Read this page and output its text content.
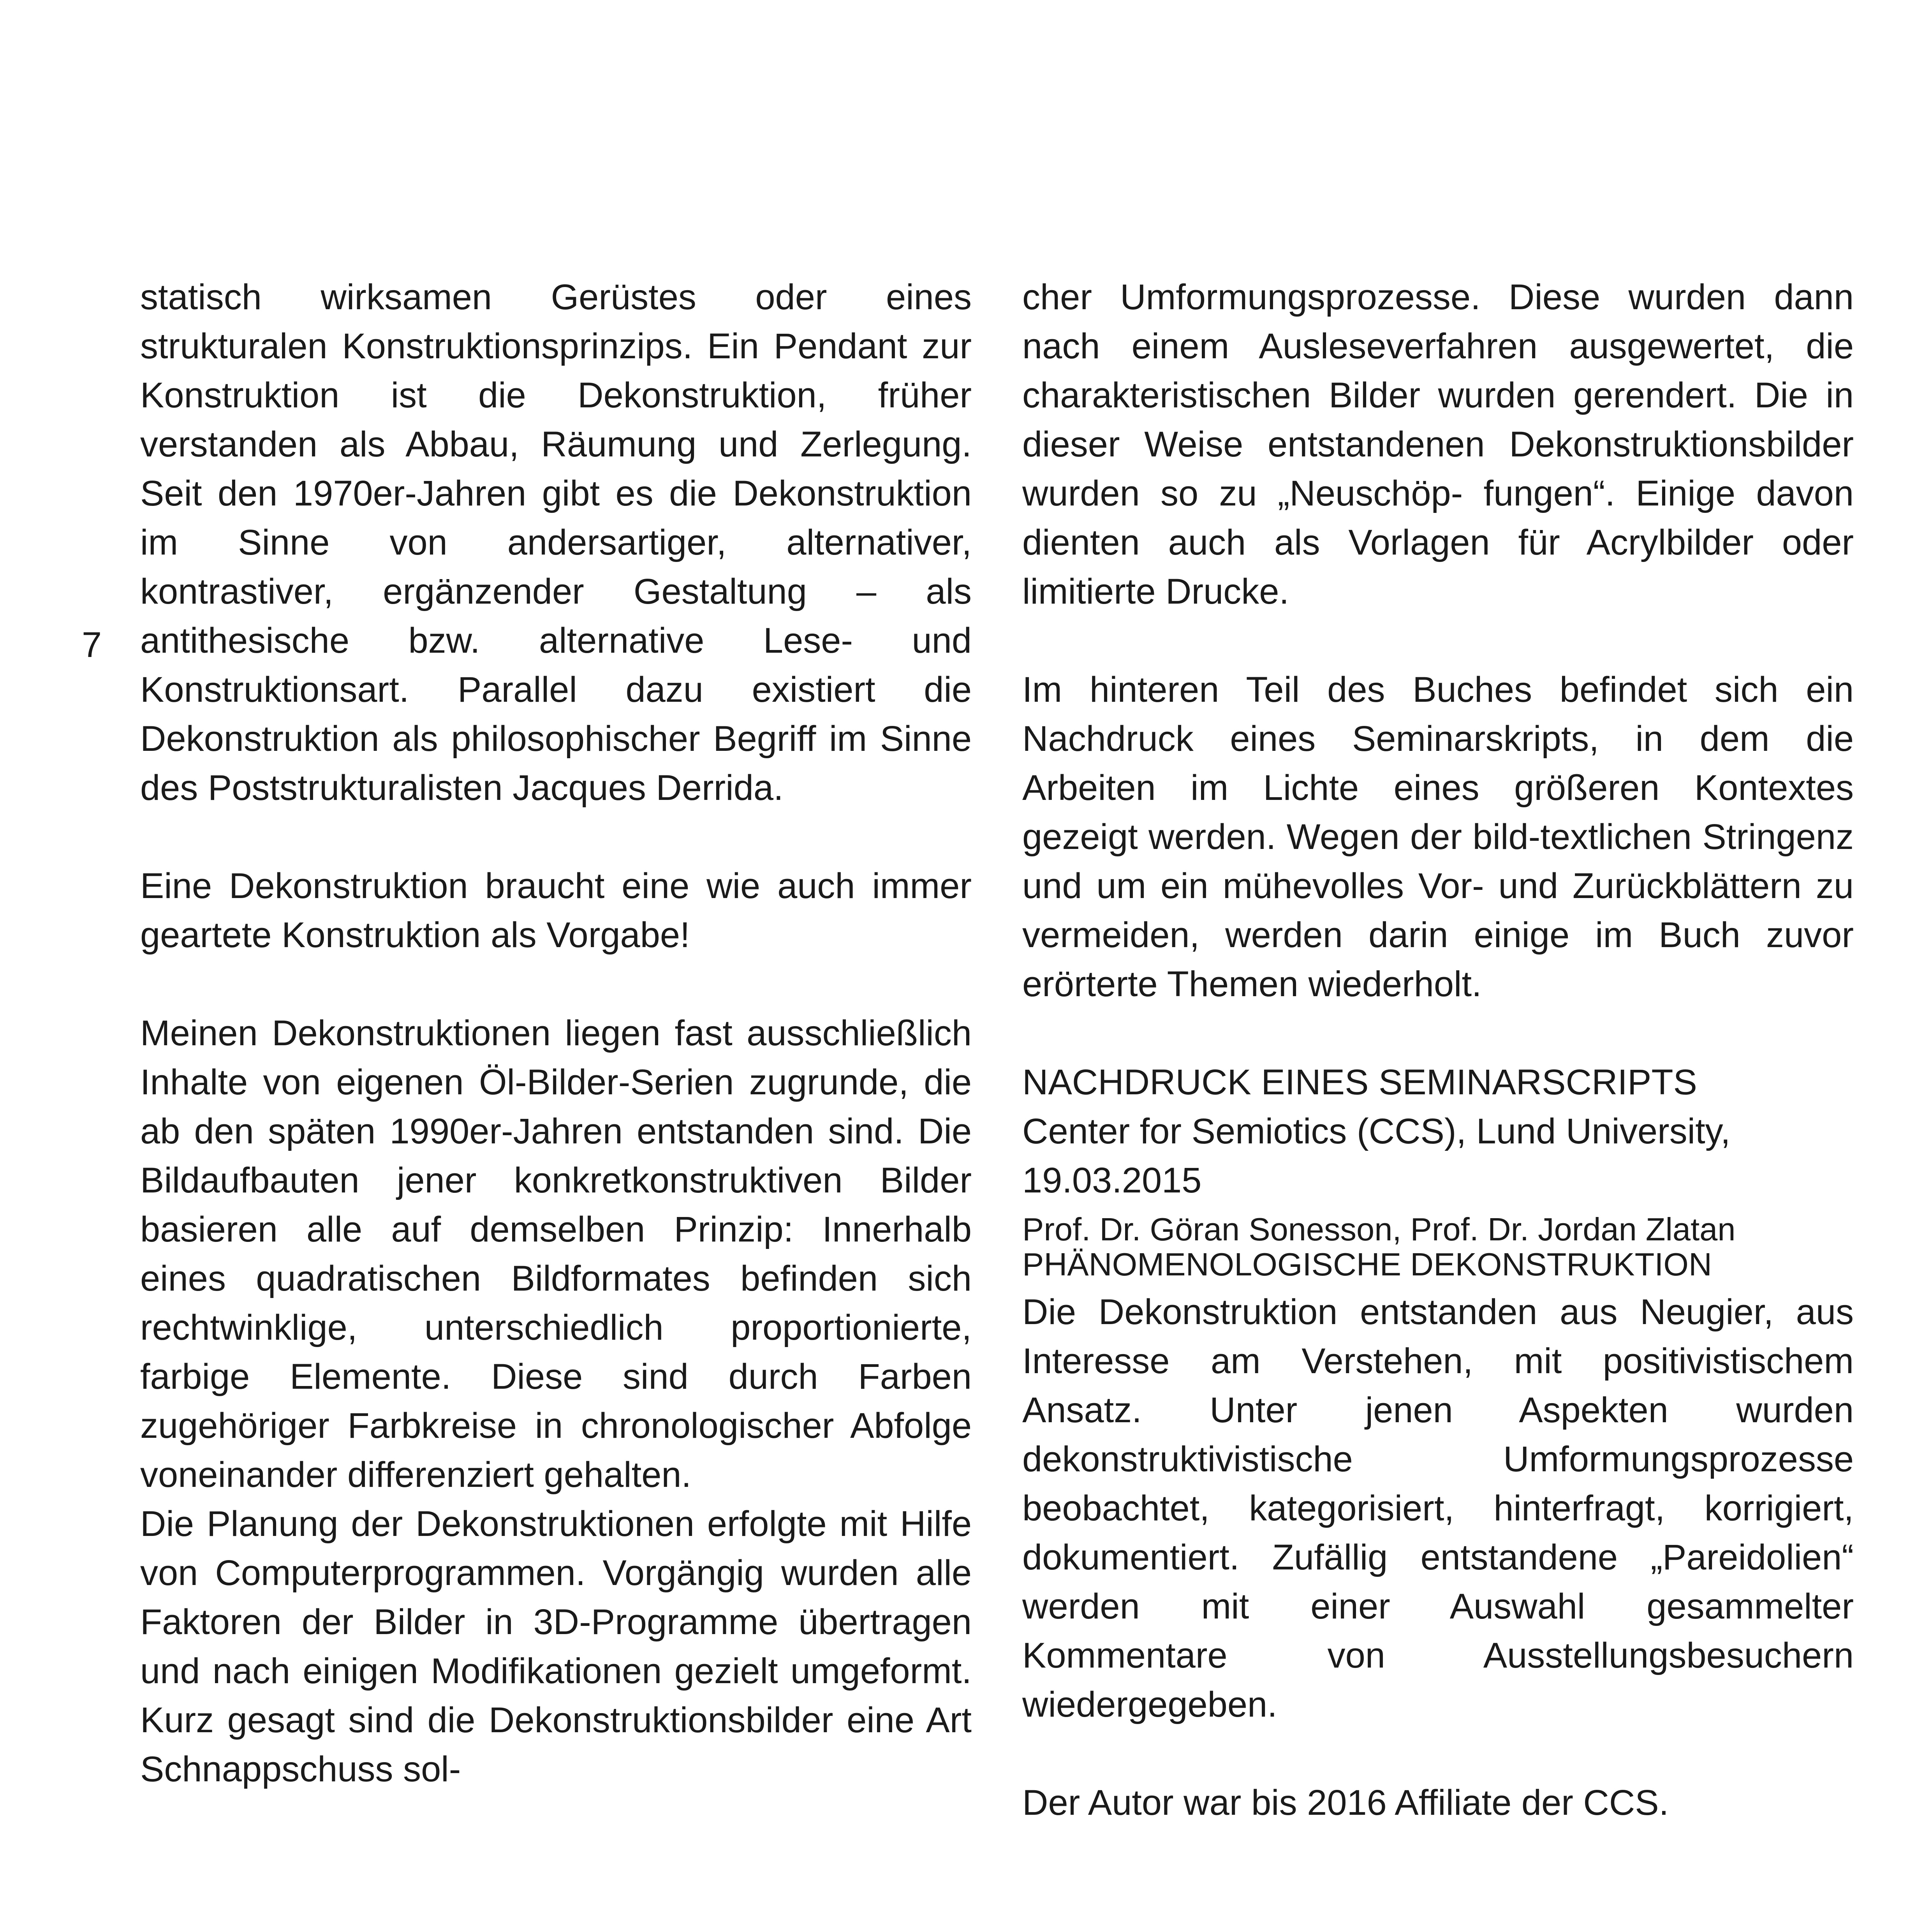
7

statisch wirksamen Gerüstes oder eines strukturalen Konstruktionsprinzips. Ein Pendant zur Konstruktion ist die Dekonstruktion, früher verstanden als Abbau, Räumung und Zerlegung. Seit den 1970er-Jahren gibt es die Dekonstruktion im Sinne von andersartiger, alternativer, kontrastiver, ergänzender Gestaltung – als antithesische bzw. alternative Lese- und Konstruktionsart. Parallel dazu existiert die Dekonstruktion als philosophischer Begriff im Sinne des Poststrukturalisten Jacques Derrida.

Eine Dekonstruktion braucht eine wie auch immer geartete Konstruktion als Vorgabe!

Meinen Dekonstruktionen liegen fast ausschließlich Inhalte von eigenen Öl-Bilder-Serien zugrunde, die ab den späten 1990er-Jahren entstanden sind. Die Bildaufbauten jener konkretkonstruktiven Bilder basieren alle auf demselben Prinzip: Innerhalb eines quadratischen Bildformates befinden sich rechtwinklige, unterschiedlich proportionierte, farbige Elemente. Diese sind durch Farben zugehöriger Farbkreise in chronologischer Abfolge voneinander differenziert gehalten.

Die Planung der Dekonstruktionen erfolgte mit Hilfe von Computerprogrammen. Vorgängig wurden alle Faktoren der Bilder in 3D-Programme übertragen und nach einigen Modifikationen gezielt umgeformt. Kurz gesagt sind die Dekonstruktionsbilder eine Art Schnappschuss sol-

cher Umformungsprozesse. Diese wurden dann nach einem Ausleseverfahren ausgewertet, die charakteristischen Bilder wurden gerendert. Die in dieser Weise entstandenen Dekonstruktionsbilder wurden so zu „Neuschöp- fungen“. Einige davon dienten auch als Vorlagen für Acrylbilder oder limitierte Drucke.

Im hinteren Teil des Buches befindet sich ein Nachdruck eines Seminarskripts, in dem die Arbeiten im Lichte eines größeren Kontextes gezeigt werden. Wegen der bild-textlichen Stringenz und um ein mühevolles Vor- und Zurückblättern zu vermeiden, werden darin einige im Buch zuvor erörterte Themen wiederholt.

NACHDRUCK EINES SEMINARSCRIPTS

Center for Semiotics (CCS), Lund University, 19.03.2015

Prof. Dr. Göran Sonesson, Prof. Dr. Jordan Zlatan

PHÄNOMENOLOGISCHE DEKONSTRUKTION

Die Dekonstruktion entstanden aus Neugier, aus Interesse am Verstehen, mit positivistischem Ansatz. Unter jenen Aspekten wurden dekonstruktivistische Umformungsprozesse beobachtet, kategorisiert, hinterfragt, korrigiert, dokumentiert. Zufällig entstandene „Pareidolien“ werden mit einer Auswahl gesammelter Kommentare von Ausstellungsbesuchern wiedergegeben.

Der Autor war bis 2016 Affiliate der CCS.
